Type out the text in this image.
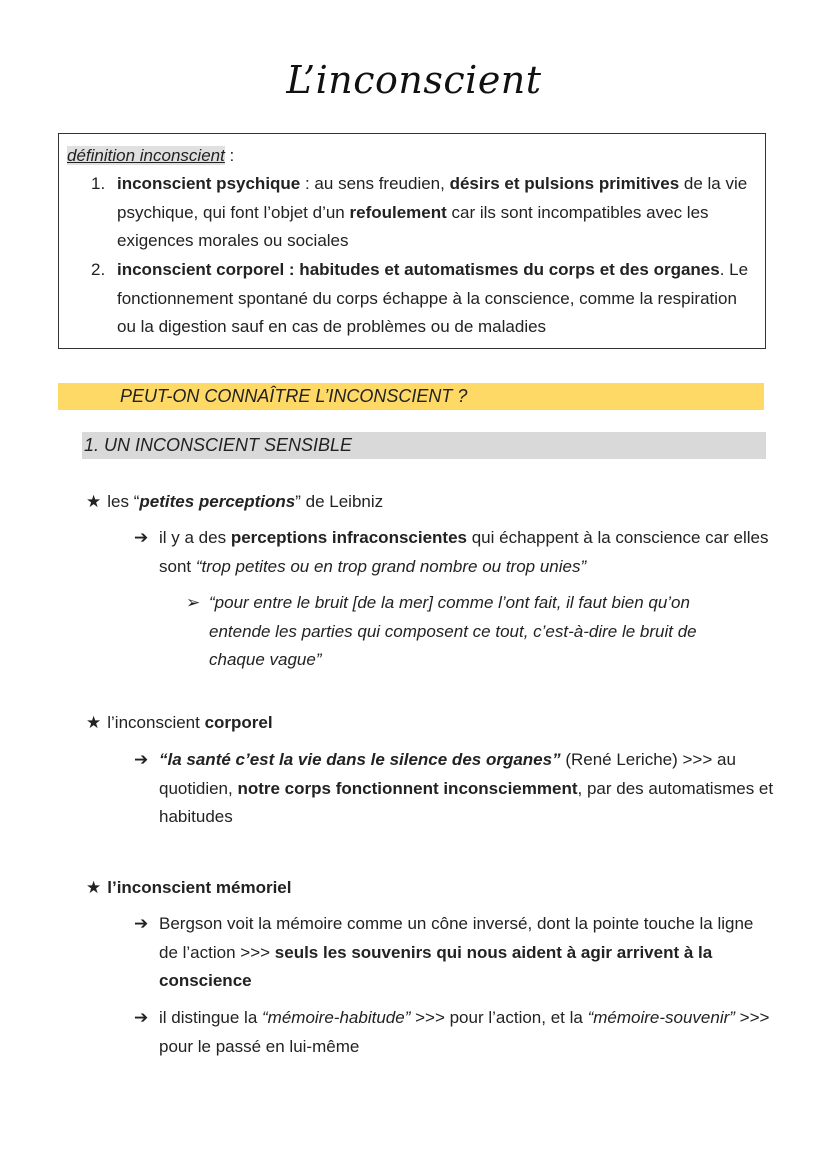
L’inconscient
définition inconscient :
1. inconscient psychique : au sens freudien, désirs et pulsions primitives de la vie psychique, qui font l’objet d’un refoulement car ils sont incompatibles avec les exigences morales ou sociales
2. inconscient corporel : habitudes et automatismes du corps et des organes. Le fonctionnement spontané du corps échappe à la conscience, comme la respiration ou la digestion sauf en cas de problèmes ou de maladies
PEUT-ON CONNAÎTRE L’INCONSCIENT ?
1. UN INCONSCIENT SENSIBLE
★ les “petites perceptions” de Leibniz
➔ il y a des perceptions infraconscientes qui échappent à la conscience car elles sont “trop petites ou en trop grand nombre ou trop unies”
➢ “pour entre le bruit [de la mer] comme l’ont fait, il faut bien qu’on entende les parties qui composent ce tout, c’est-à-dire le bruit de chaque vague”
★ l’inconscient corporel
➔ “la santé c’est la vie dans le silence des organes” (René Leriche) >>> au quotidien, notre corps fonctionnent inconsciemment, par des automatismes et habitudes
★ l’inconscient mémoriel
➔ Bergson voit la mémoire comme un cône inversé, dont la pointe touche la ligne de l’action >>> seuls les souvenirs qui nous aident à agir arrivent à la conscience
➔ il distingue la “mémoire-habitude” >>> pour l’action, et la “mémoire-souvenir” >>> pour le passé en lui-même
